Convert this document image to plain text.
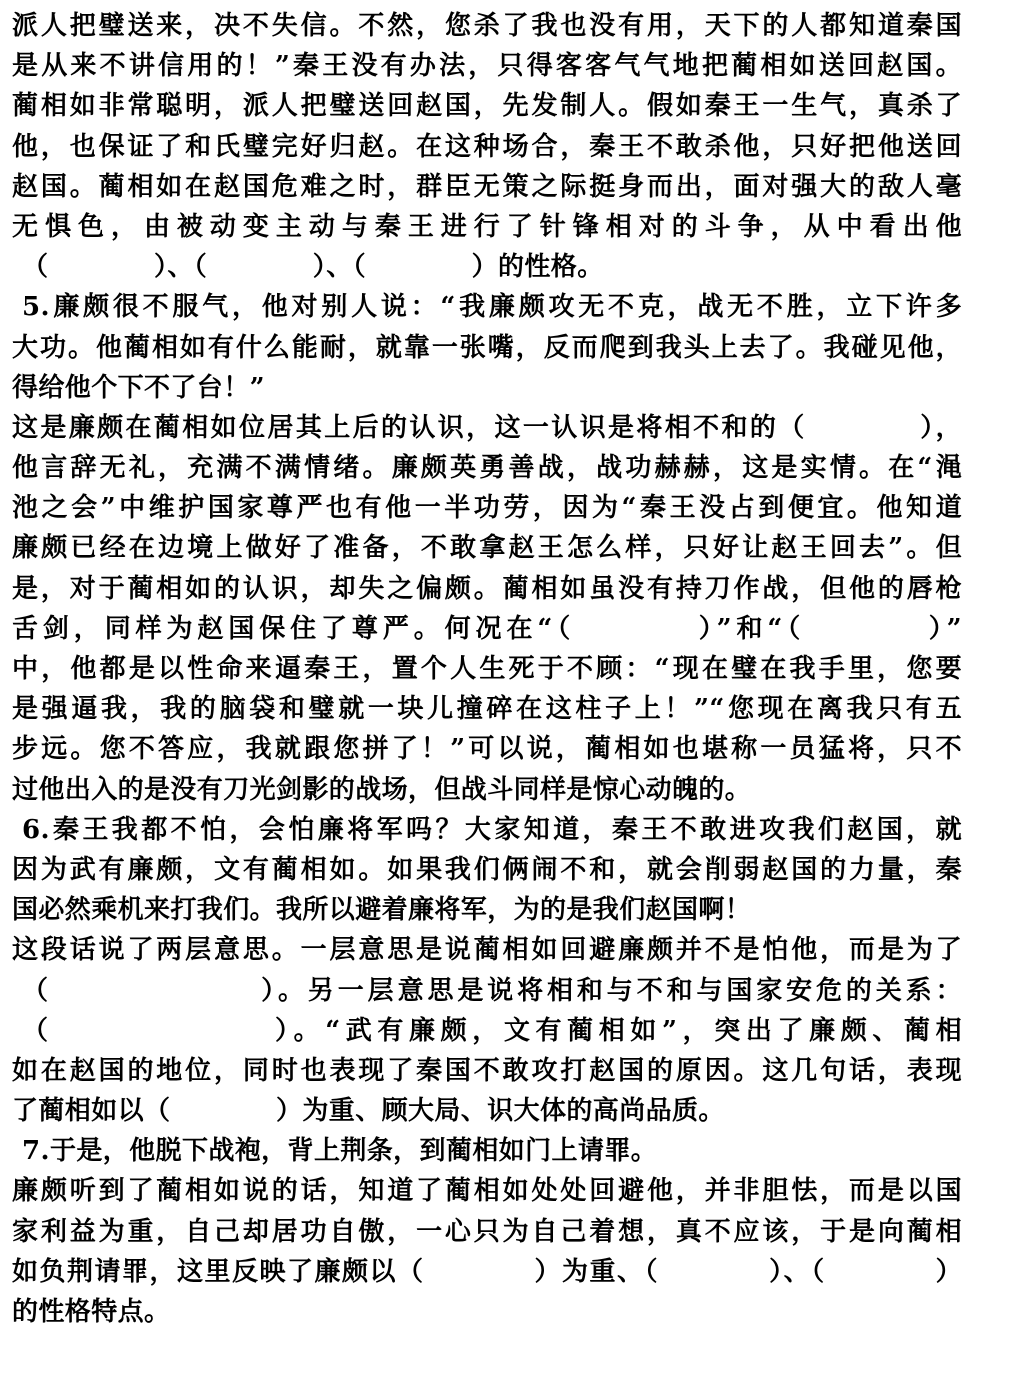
派人把璧送来，决不失信。不然，您杀了我也没有用，天下的人都知道秦国
是从来不讲信用的！”秦王没有办法，只得客客气气地把蔺相如送回赵国。
蔺相如非常聪明，派人把璧送回赵国，先发制人。假如秦王一生气，真杀了
他，也保证了和氏璧完好归赵。在这种场合，秦王不敢杀他，只好把他送回
赵国。蔺相如在赵国危难之时，群臣无策之际挺身而出，面对强大的敌人毫
无惧色，由被动变主动与秦王进行了针锋相对的斗争，从中看出他
（　　　　）、（　　　　）、（　　　　）的性格。
5.廉颇很不服气，他对别人说：“我廉颇攻无不克，战无不胜，立下许多
大功。他蔺相如有什么能耐，就靠一张嘴，反而爬到我头上去了。我碰见他，
得给他个下不了台！”
这是廉颇在蔺相如位居其上后的认识，这一认识是将相不和的（　　　　），
他言辞无礼，充满不满情绪。廉颇英勇善战，战功赫赫，这是实情。在“渑
池之会”中维护国家尊严也有他一半功劳，因为“秦王没占到便宜。他知道
廉颇已经在边境上做好了准备，不敢拿赵王怎么样，只好让赵王回去”。但
是，对于蔺相如的认识，却失之偏颇。蔺相如虽没有持刀作战，但他的唇枪
舌剑，同样为赵国保住了尊严。何况在“（　　　　）”和“（　　　　）”
中，他都是以性命来逼秦王，置个人生死于不顾：“现在璧在我手里，您要
是强逼我，我的脑袋和璧就一块儿撞碎在这柱子上！”“您现在离我只有五
步远。您不答应，我就跟您拼了！”可以说，蔺相如也堪称一员猛将，只不
过他出入的是没有刀光剑影的战场，但战斗同样是惊心动魄的。
6.秦王我都不怕，会怕廉将军吗？大家知道，秦王不敢进攻我们赵国，就
因为武有廉颇，文有蔺相如。如果我们俩闹不和，就会削弱赵国的力量，秦
国必然乘机来打我们。我所以避着廉将军，为的是我们赵国啊！
这段话说了两层意思。一层意思是说蔺相如回避廉颇并不是怕他，而是为了
（　　　　　　　）。另一层意思是说将相和与不和与国家安危的关系：
（　　　　　　　）。“武有廉颇，文有蔺相如”，突出了廉颇、蔺相
如在赵国的地位，同时也表现了秦国不敢攻打赵国的原因。这几句话，表现
了蔺相如以（　　　　）为重、顾大局、识大体的高尚品质。
7.于是，他脱下战袍，背上荆条，到蔺相如门上请罪。
廉颇听到了蔺相如说的话，知道了蔺相如处处回避他，并非胆怯，而是以国
家利益为重，自己却居功自傲，一心只为自己着想，真不应该，于是向蔺相
如负荆请罪，这里反映了廉颇以（　　　　）为重、（　　　　）、（　　　　）
的性格特点。
